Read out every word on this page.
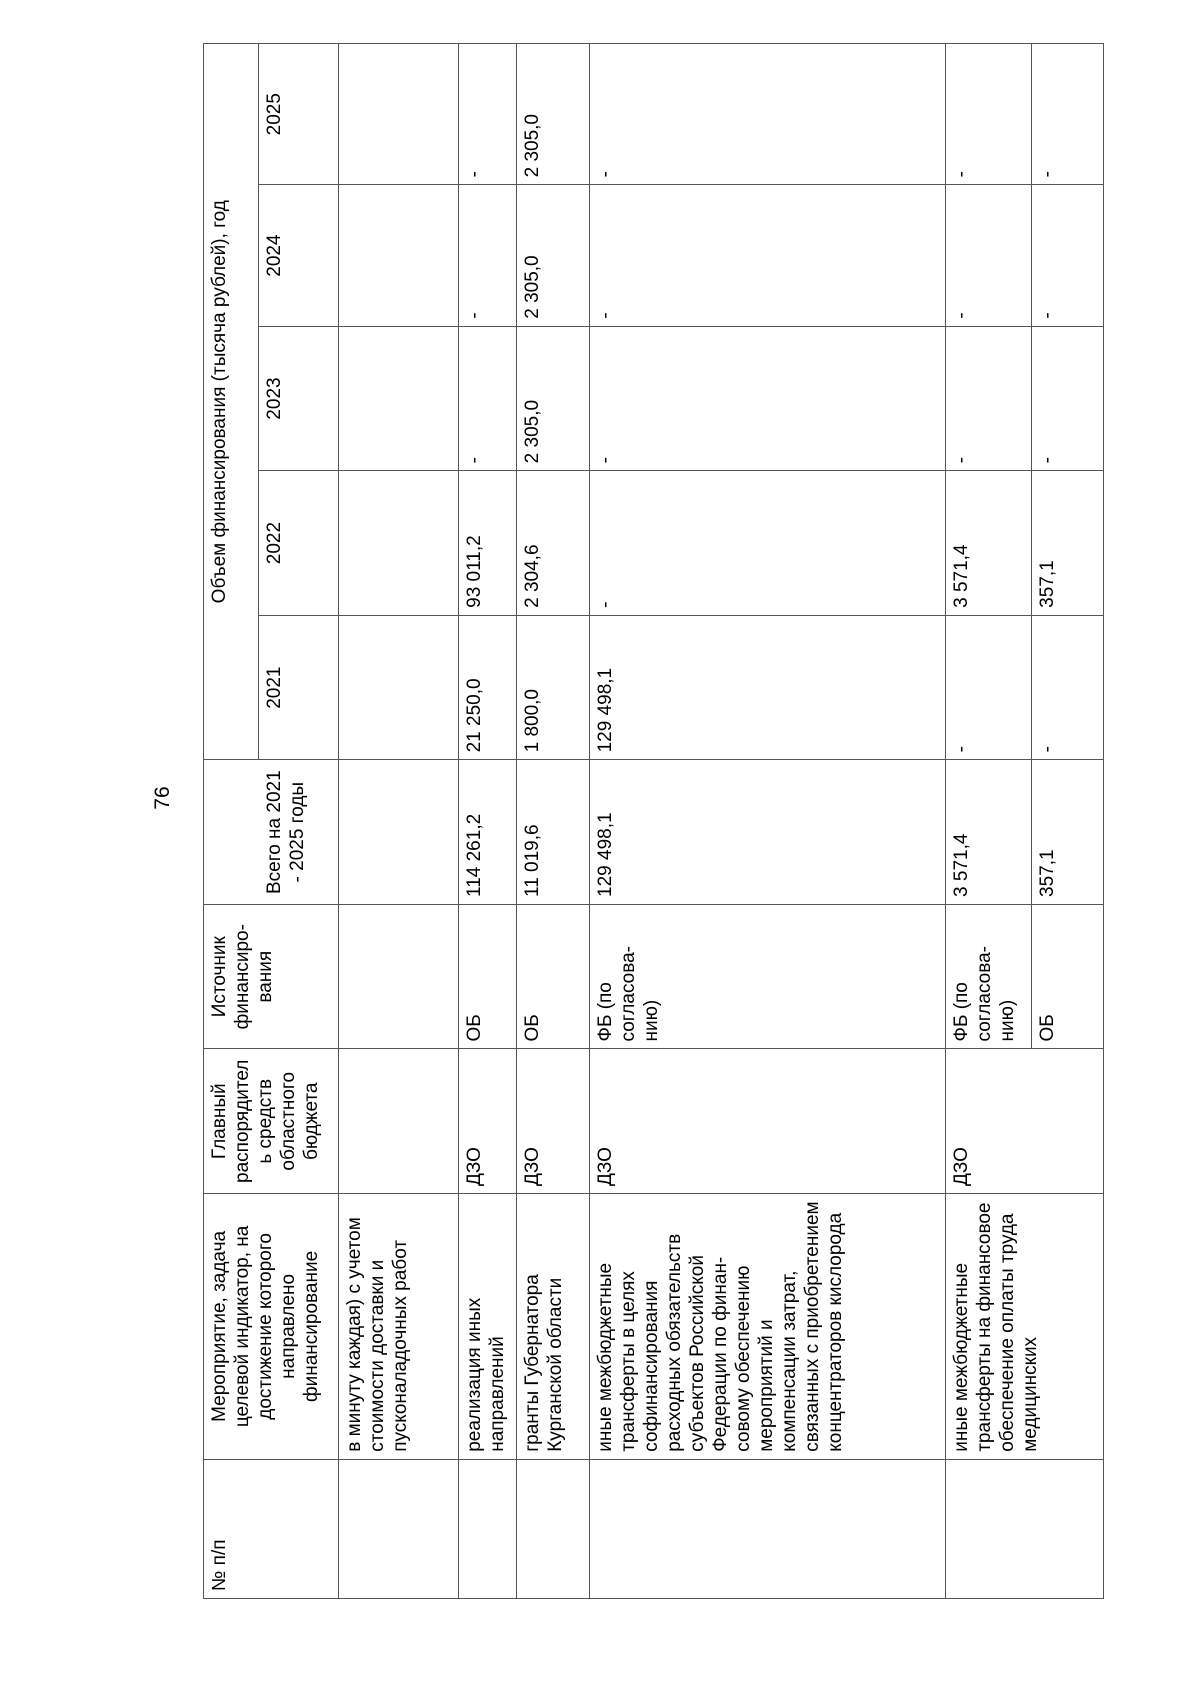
76
№ п/п	Мероприятие, задача целевой индикатор, на достижение которого направлено финансирование	Главный распорядитель средств областного бюджета	Источник финансиро-вания		Объем финансирования (тысяча рублей), год				
				Всего на 2021 - 2025 годы	2021	2022	2023	2024	2025
	в минуту каждая) с учетом стоимости доставки и пусконаладочных работ								
	реализация иных направлений	ДЗО	ОБ	114 261,2	21 250,0	93 011,2	-	-	-
	гранты Губернатора Курганской области	ДЗО	ОБ	11 019,6	1 800,0	2 304,6	2 305,0	2 305,0	2 305,0
	иные межбюджетные трансферты в целях софинансирования расходных обязательств субъектов Российской Федерации по финан-совому обеспечению мероприятий и компенсации затрат, связанных с приобретением концентраторов кислорода	ДЗО	ФБ (по согласова-нию)	129 498,1	129 498,1	-	-	-	-
	иные межбюджетные трансферты на финансовое обеспечение оплаты труда медицинских	ДЗО	ФБ (по согласова-нию)	3 571,4	-	3 571,4	-	-	-
			ОБ	357,1	-	357,1	-	-	-
